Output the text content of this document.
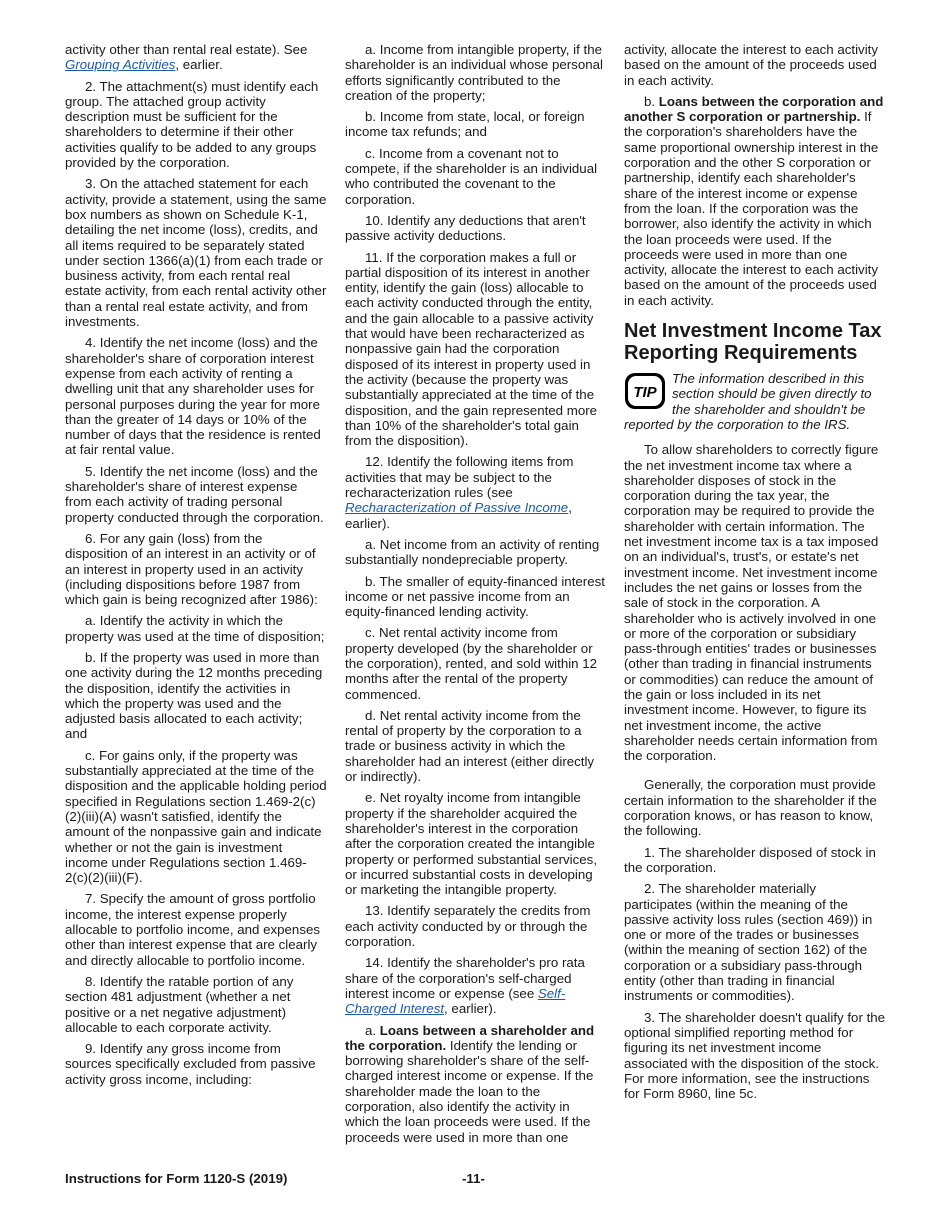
activity other than rental real estate). See Grouping Activities, earlier.

2. The attachment(s) must identify each group. The attached group activity description must be sufficient for the shareholders to determine if their other activities qualify to be added to any groups provided by the corporation.

3. On the attached statement for each activity, provide a statement, using the same box numbers as shown on Schedule K-1, detailing the net income (loss), credits, and all items required to be separately stated under section 1366(a)(1) from each trade or business activity, from each rental real estate activity, from each rental activity other than a rental real estate activity, and from investments.

4. Identify the net income (loss) and the shareholder's share of corporation interest expense from each activity of renting a dwelling unit that any shareholder uses for personal purposes during the year for more than the greater of 14 days or 10% of the number of days that the residence is rented at fair rental value.

5. Identify the net income (loss) and the shareholder's share of interest expense from each activity of trading personal property conducted through the corporation.

6. For any gain (loss) from the disposition of an interest in an activity or of an interest in property used in an activity (including dispositions before 1987 from which gain is being recognized after 1986):

a. Identify the activity in which the property was used at the time of disposition;

b. If the property was used in more than one activity during the 12 months preceding the disposition, identify the activities in which the property was used and the adjusted basis allocated to each activity; and

c. For gains only, if the property was substantially appreciated at the time of the disposition and the applicable holding period specified in Regulations section 1.469-2(c)(2)(iii)(A) wasn't satisfied, identify the amount of the nonpassive gain and indicate whether or not the gain is investment income under Regulations section 1.469-2(c)(2)(iii)(F).

7. Specify the amount of gross portfolio income, the interest expense properly allocable to portfolio income, and expenses other than interest expense that are clearly and directly allocable to portfolio income.

8. Identify the ratable portion of any section 481 adjustment (whether a net positive or a net negative adjustment) allocable to each corporate activity.

9. Identify any gross income from sources specifically excluded from passive activity gross income, including:

a. Income from intangible property, if the shareholder is an individual whose personal efforts significantly contributed to the creation of the property;

b. Income from state, local, or foreign income tax refunds; and

c. Income from a covenant not to compete, if the shareholder is an individual who contributed the covenant to the corporation.

10. Identify any deductions that aren't passive activity deductions.

11. If the corporation makes a full or partial disposition of its interest in another entity, identify the gain (loss) allocable to each activity conducted through the entity, and the gain allocable to a passive activity that would have been recharacterized as nonpassive gain had the corporation disposed of its interest in property used in the activity (because the property was substantially appreciated at the time of the disposition, and the gain represented more than 10% of the shareholder's total gain from the disposition).

12. Identify the following items from activities that may be subject to the recharacterization rules (see Recharacterization of Passive Income, earlier).

a. Net income from an activity of renting substantially nondepreciable property.

b. The smaller of equity-financed interest income or net passive income from an equity-financed lending activity.

c. Net rental activity income from property developed (by the shareholder or the corporation), rented, and sold within 12 months after the rental of the property commenced.

d. Net rental activity income from the rental of property by the corporation to a trade or business activity in which the shareholder had an interest (either directly or indirectly).

e. Net royalty income from intangible property if the shareholder acquired the shareholder's interest in the corporation after the corporation created the intangible property or performed substantial services, or incurred substantial costs in developing or marketing the intangible property.

13. Identify separately the credits from each activity conducted by or through the corporation.

14. Identify the shareholder's pro rata share of the corporation's self-charged interest income or expense (see Self-Charged Interest, earlier).

a. Loans between a shareholder and the corporation. Identify the lending or borrowing shareholder's share of the self-charged interest income or expense. If the shareholder made the loan to the corporation, also identify the activity in which the loan proceeds were used. If the proceeds were used in more than one

activity, allocate the interest to each activity based on the amount of the proceeds used in each activity.

b. Loans between the corporation and another S corporation or partnership. If the corporation's shareholders have the same proportional ownership interest in the corporation and the other S corporation or partnership, identify each shareholder's share of the interest income or expense from the loan. If the corporation was the borrower, also identify the activity in which the loan proceeds were used. If the proceeds were used in more than one activity, allocate the interest to each activity based on the amount of the proceeds used in each activity.

Net Investment Income Tax Reporting Requirements
TIP
The information described in this section should be given directly to the shareholder and shouldn't be reported by the corporation to the IRS.

To allow shareholders to correctly figure the net investment income tax where a shareholder disposes of stock in the corporation during the tax year, the corporation may be required to provide the shareholder with certain information. The net investment income tax is a tax imposed on an individual's, trust's, or estate's net investment income. Net investment income includes the net gains or losses from the sale of stock in the corporation. A shareholder who is actively involved in one or more of the corporation or subsidiary pass-through entities' trades or businesses (other than trading in financial instruments or commodities) can reduce the amount of the gain or loss included in its net investment income. However, to figure its net investment income, the active shareholder needs certain information from the corporation.

Generally, the corporation must provide certain information to the shareholder if the corporation knows, or has reason to know, the following.

1. The shareholder disposed of stock in the corporation.

2. The shareholder materially participates (within the meaning of the passive activity loss rules (section 469)) in one or more of the trades or businesses (within the meaning of section 162) of the corporation or a subsidiary pass-through entity (other than trading in financial instruments or commodities).

3. The shareholder doesn't qualify for the optional simplified reporting method for figuring its net investment income associated with the disposition of the stock. For more information, see the instructions for Form 8960, line 5c.

Instructions for Form 1120-S (2019)	-11-
